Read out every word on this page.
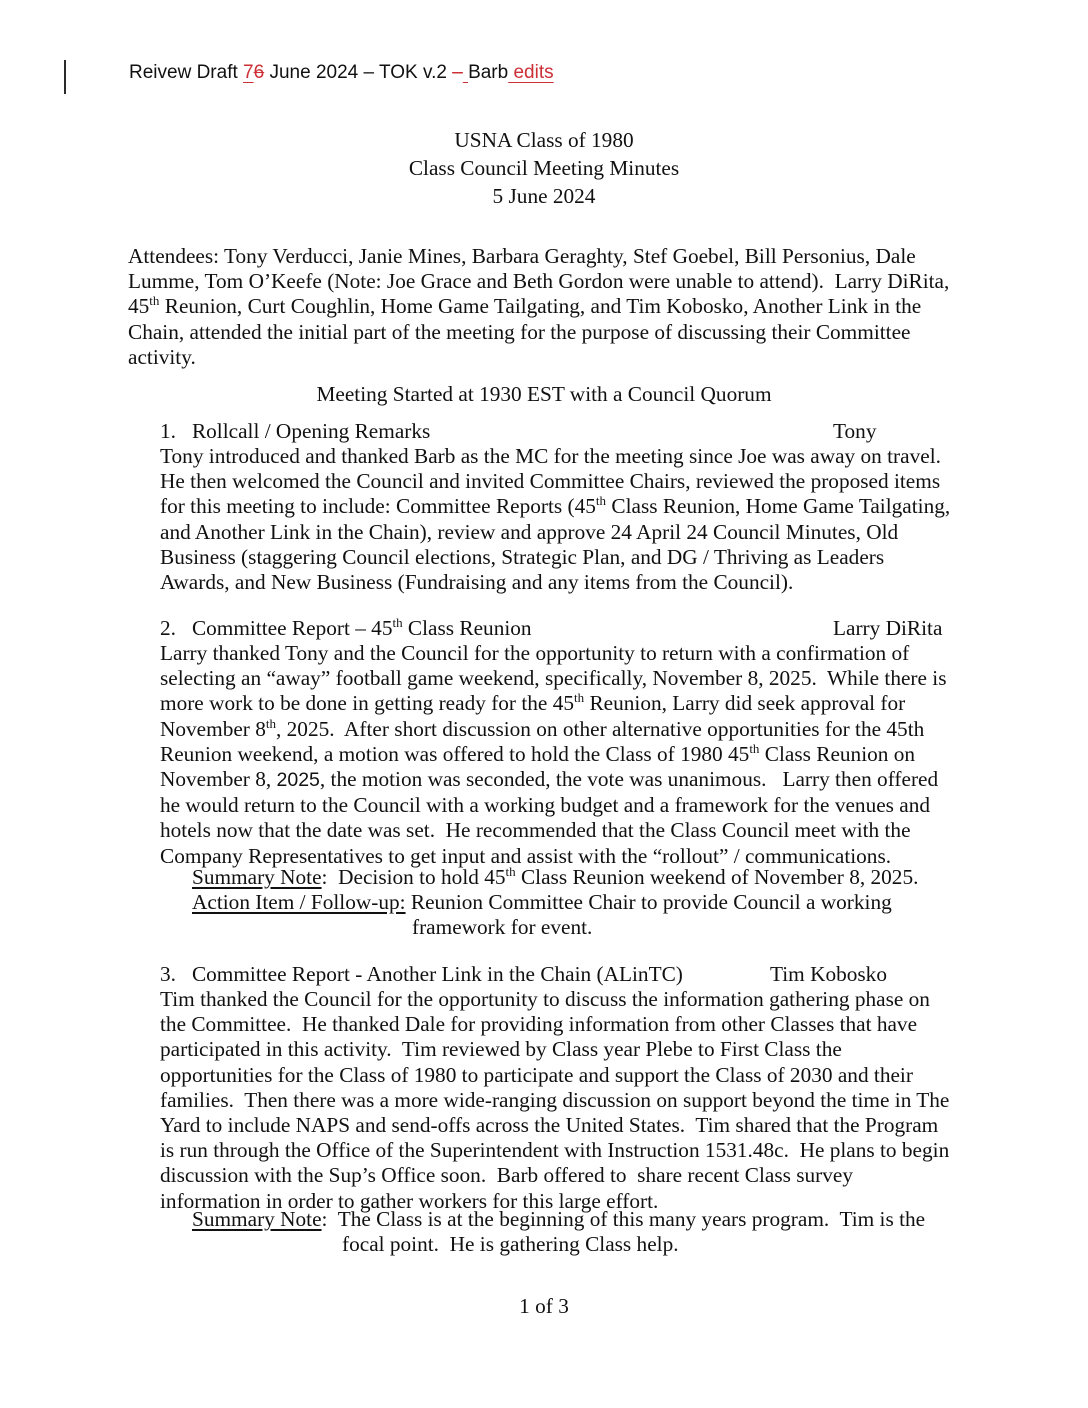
Reivew Draft 76 June 2024 – TOK v.2 – Barb edits
USNA Class of 1980
Class Council Meeting Minutes
5 June 2024
Attendees: Tony Verducci, Janie Mines, Barbara Geraghty, Stef Goebel, Bill Personius, Dale
Lumme, Tom O’Keefe (Note: Joe Grace and Beth Gordon were unable to attend).  Larry DiRita,
45th Reunion, Curt Coughlin, Home Game Tailgating, and Tim Kobosko, Another Link in the
Chain, attended the initial part of the meeting for the purpose of discussing their Committee
activity.
Meeting Started at 1930 EST with a Council Quorum
1.   Rollcall / Opening Remarks	Tony
Tony introduced and thanked Barb as the MC for the meeting since Joe was away on travel.
He then welcomed the Council and invited Committee Chairs, reviewed the proposed items
for this meeting to include: Committee Reports (45th Class Reunion, Home Game Tailgating,
and Another Link in the Chain), review and approve 24 April 24 Council Minutes, Old
Business (staggering Council elections, Strategic Plan, and DG / Thriving as Leaders
Awards, and New Business (Fundraising and any items from the Council).
2.   Committee Report – 45th Class Reunion	Larry DiRita
Larry thanked Tony and the Council for the opportunity to return with a confirmation of
selecting an “away” football game weekend, specifically, November 8, 2025.  While there is
more work to be done in getting ready for the 45th Reunion, Larry did seek approval for
November 8th, 2025.  After short discussion on other alternative opportunities for the 45th
Reunion weekend, a motion was offered to hold the Class of 1980 45th Class Reunion on
November 8, 2025, the motion was seconded, the vote was unanimous.   Larry then offered
he would return to the Council with a working budget and a framework for the venues and
hotels now that the date was set.  He recommended that the Class Council meet with the
Company Representatives to get input and assist with the “rollout” / communications.
Summary Note:  Decision to hold 45th Class Reunion weekend of November 8, 2025.
Action Item / Follow-up: Reunion Committee Chair to provide Council a working
framework for event.
3.   Committee Report - Another Link in the Chain (ALinTC)	Tim Kobosko
Tim thanked the Council for the opportunity to discuss the information gathering phase on
the Committee.  He thanked Dale for providing information from other Classes that have
participated in this activity.  Tim reviewed by Class year Plebe to First Class the
opportunities for the Class of 1980 to participate and support the Class of 2030 and their
families.  Then there was a more wide-ranging discussion on support beyond the time in The
Yard to include NAPS and send-offs across the United States.  Tim shared that the Program
is run through the Office of the Superintendent with Instruction 1531.48c.  He plans to begin
discussion with the Sup’s Office soon.  Barb offered to  share recent Class survey
information in order to gather workers for this large effort.
Summary Note:  The Class is at the beginning of this many years program.  Tim is the
focal point.  He is gathering Class help.
1 of 3
